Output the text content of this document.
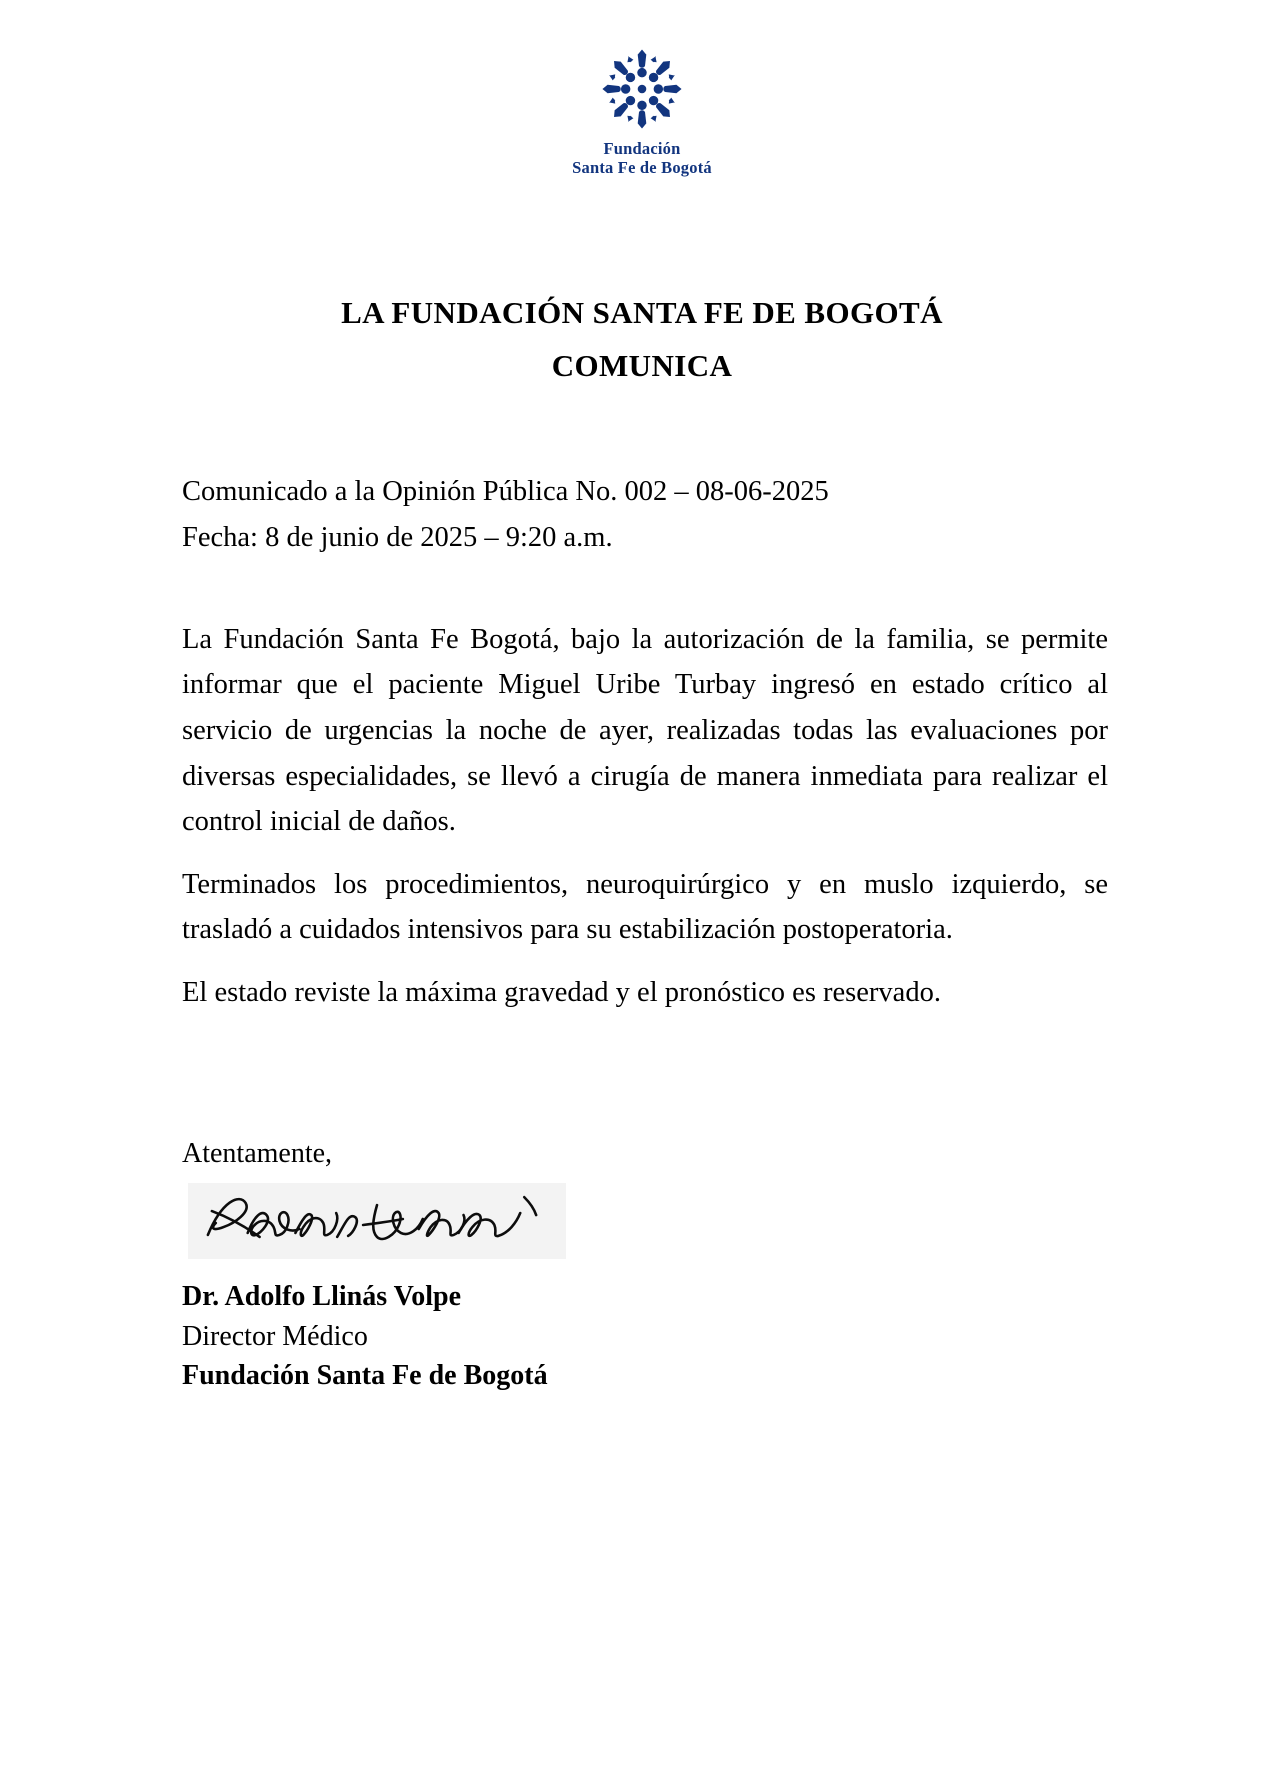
Fundación
Santa Fe de Bogotá
LA FUNDACIÓN SANTA FE DE BOGOTÁ
COMUNICA
Comunicado a la Opinión Pública No. 002 – 08-06-2025
Fecha: 8 de junio de 2025 – 9:20 a.m.

La Fundación Santa Fe Bogotá, bajo la autorización de la familia, se permite informar que el paciente Miguel Uribe Turbay ingresó en estado crítico al servicio de urgencias la noche de ayer, realizadas todas las evaluaciones por diversas especialidades, se llevó a cirugía de manera inmediata para realizar el control inicial de daños.

Terminados los procedimientos, neuroquirúrgico y en muslo izquierdo, se trasladó a cuidados intensivos para su estabilización postoperatoria.

El estado reviste la máxima gravedad y el pronóstico es reservado.

Atentamente,
Dr. Adolfo Llinás Volpe
Director Médico
Fundación Santa Fe de Bogotá
